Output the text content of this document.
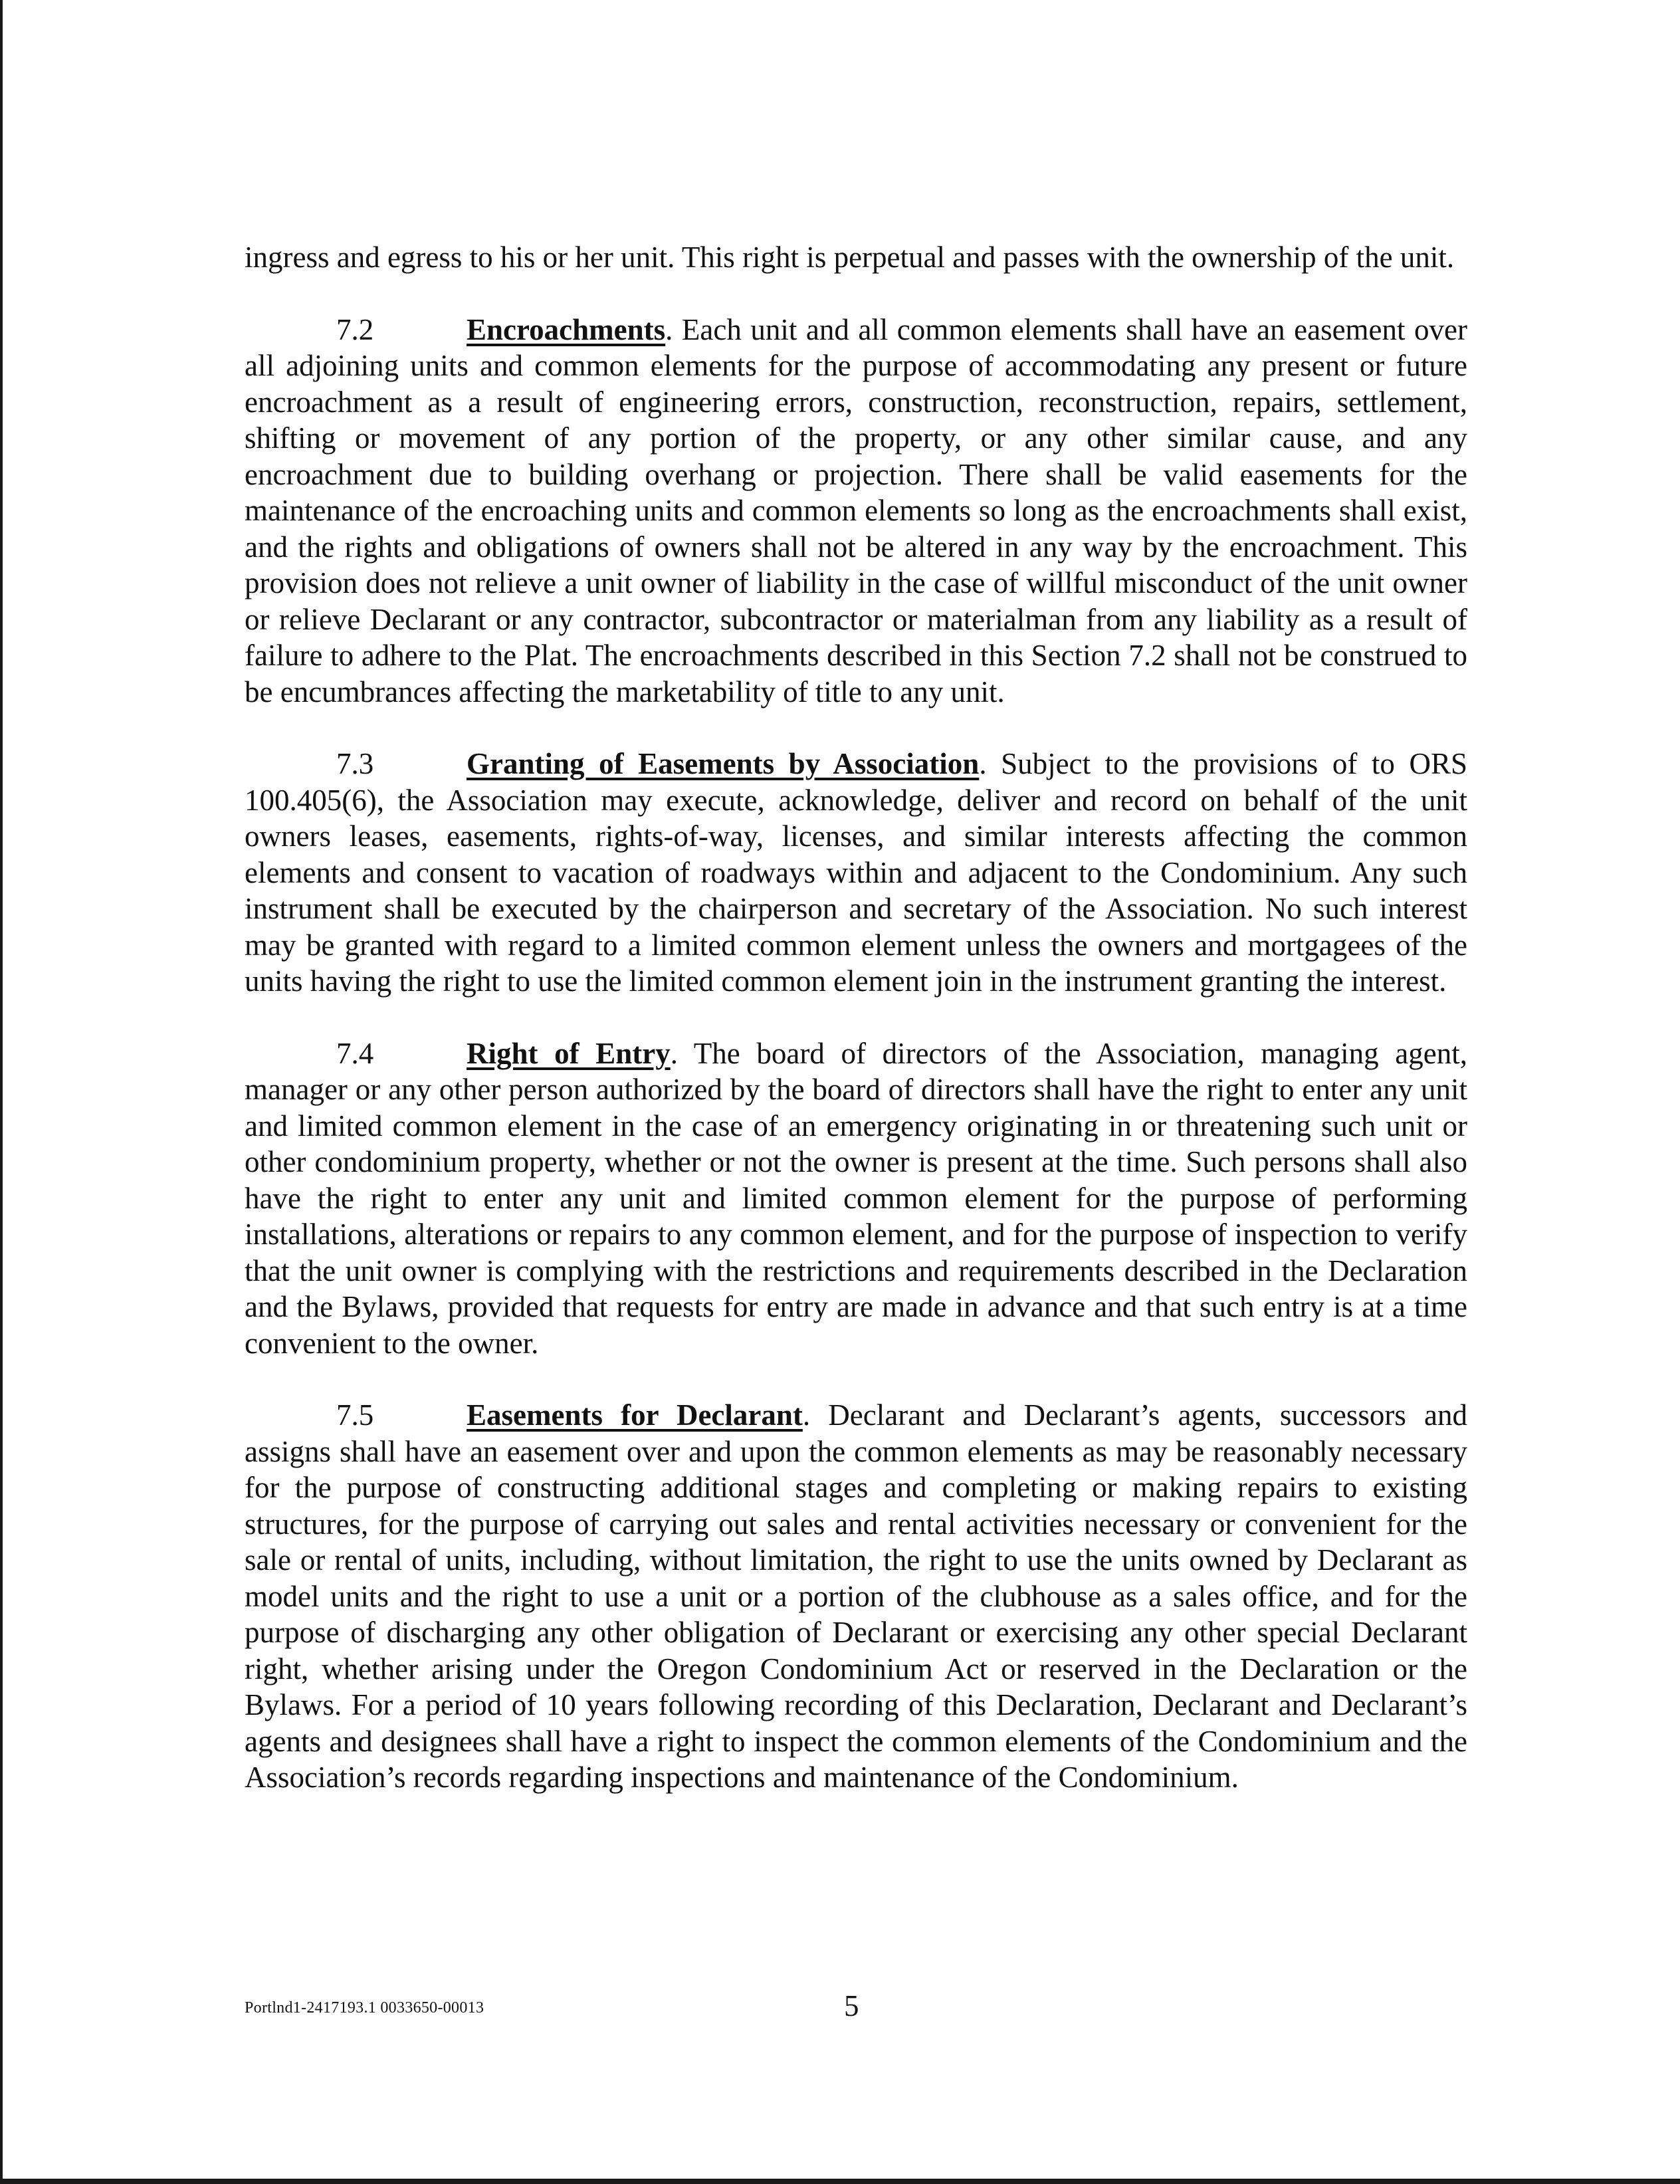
ingress and egress to his or her unit. This right is perpetual and passes with the ownership of the unit.

7.2	Encroachments. Each unit and all common elements shall have an easement over all adjoining units and common elements for the purpose of accommodating any present or future encroachment as a result of engineering errors, construction, reconstruction, repairs, settlement, shifting or movement of any portion of the property, or any other similar cause, and any encroachment due to building overhang or projection. There shall be valid easements for the maintenance of the encroaching units and common elements so long as the encroachments shall exist, and the rights and obligations of owners shall not be altered in any way by the encroachment. This provision does not relieve a unit owner of liability in the case of willful misconduct of the unit owner or relieve Declarant or any contractor, subcontractor or materialman from any liability as a result of failure to adhere to the Plat. The encroachments described in this Section 7.2 shall not be construed to be encumbrances affecting the marketability of title to any unit.

7.3	Granting of Easements by Association. Subject to the provisions of to ORS 100.405(6), the Association may execute, acknowledge, deliver and record on behalf of the unit owners leases, easements, rights-of-way, licenses, and similar interests affecting the common elements and consent to vacation of roadways within and adjacent to the Condominium. Any such instrument shall be executed by the chairperson and secretary of the Association. No such interest may be granted with regard to a limited common element unless the owners and mortgagees of the units having the right to use the limited common element join in the instrument granting the interest.

7.4	Right of Entry. The board of directors of the Association, managing agent, manager or any other person authorized by the board of directors shall have the right to enter any unit and limited common element in the case of an emergency originating in or threatening such unit or other condominium property, whether or not the owner is present at the time. Such persons shall also have the right to enter any unit and limited common element for the purpose of performing installations, alterations or repairs to any common element, and for the purpose of inspection to verify that the unit owner is complying with the restrictions and requirements described in the Declaration and the Bylaws, provided that requests for entry are made in advance and that such entry is at a time convenient to the owner.

7.5	Easements for Declarant. Declarant and Declarant’s agents, successors and assigns shall have an easement over and upon the common elements as may be reasonably necessary for the purpose of constructing additional stages and completing or making repairs to existing structures, for the purpose of carrying out sales and rental activities necessary or convenient for the sale or rental of units, including, without limitation, the right to use the units owned by Declarant as model units and the right to use a unit or a portion of the clubhouse as a sales office, and for the purpose of discharging any other obligation of Declarant or exercising any other special Declarant right, whether arising under the Oregon Condominium Act or reserved in the Declaration or the Bylaws. For a period of 10 years following recording of this Declaration, Declarant and Declarant’s agents and designees shall have a right to inspect the common elements of the Condominium and the Association’s records regarding inspections and maintenance of the Condominium.

Portlnd1-2417193.1 0033650-00013	5
